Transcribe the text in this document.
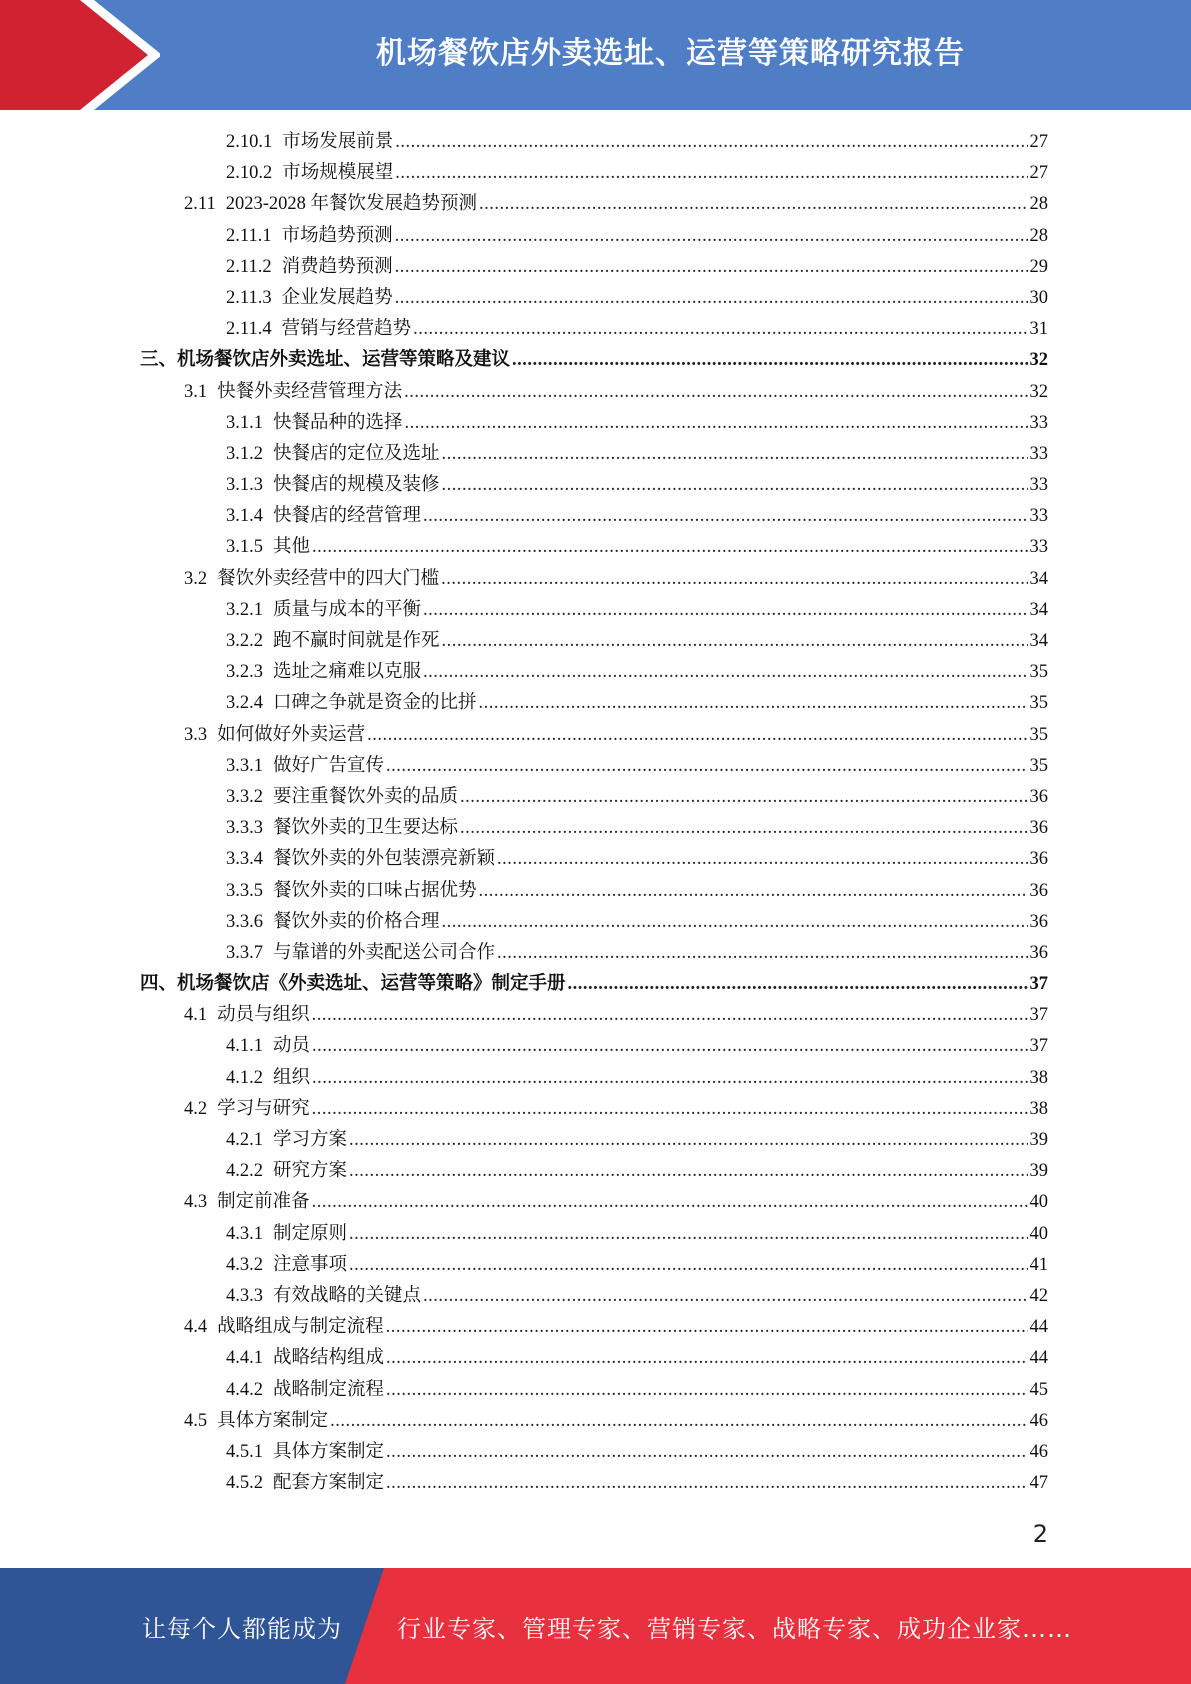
机场餐饮店外卖选址、运营等策略研究报告
2.10.1 市场发展前景 .....	27
2.10.2 市场规模展望 .....	27
2.11 2023-2028 年餐饮发展趋势预测 .....	28
2.11.1 市场趋势预测 .....	28
2.11.2 消费趋势预测 .....	29
2.11.3 企业发展趋势 .....	30
2.11.4 营销与经营趋势 .....	31
三、机场餐饮店外卖选址、运营等策略及建议 .....	32
3.1 快餐外卖经营管理方法 .....	32
3.1.1 快餐品种的选择 .....	33
3.1.2 快餐店的定位及选址 .....	33
3.1.3 快餐店的规模及装修 .....	33
3.1.4 快餐店的经营管理 .....	33
3.1.5 其他 .....	33
3.2 餐饮外卖经营中的四大门槛 .....	34
3.2.1 质量与成本的平衡 .....	34
3.2.2 跑不赢时间就是作死 .....	34
3.2.3 选址之痛难以克服 .....	35
3.2.4 口碑之争就是资金的比拼 .....	35
3.3 如何做好外卖运营 .....	35
3.3.1 做好广告宣传 .....	35
3.3.2 要注重餐饮外卖的品质 .....	36
3.3.3 餐饮外卖的卫生要达标 .....	36
3.3.4 餐饮外卖的外包装漂亮新颖 .....	36
3.3.5 餐饮外卖的口味占据优势 .....	36
3.3.6 餐饮外卖的价格合理 .....	36
3.3.7 与靠谱的外卖配送公司合作 .....	36
四、机场餐饮店《外卖选址、运营等策略》制定手册 .....	37
4.1 动员与组织 .....	37
4.1.1 动员 .....	37
4.1.2 组织 .....	38
4.2 学习与研究 .....	38
4.2.1 学习方案 .....	39
4.2.2 研究方案 .....	39
4.3 制定前准备 .....	40
4.3.1 制定原则 .....	40
4.3.2 注意事项 .....	41
4.3.3 有效战略的关键点 .....	42
4.4 战略组成与制定流程 .....	44
4.4.1 战略结构组成 .....	44
4.4.2 战略制定流程 .....	45
4.5 具体方案制定 .....	46
4.5.1 具体方案制定 .....	46
4.5.2 配套方案制定 .....	47
2
让每个人都能成为 行业专家、管理专家、营销专家、战略专家、成功企业家……
